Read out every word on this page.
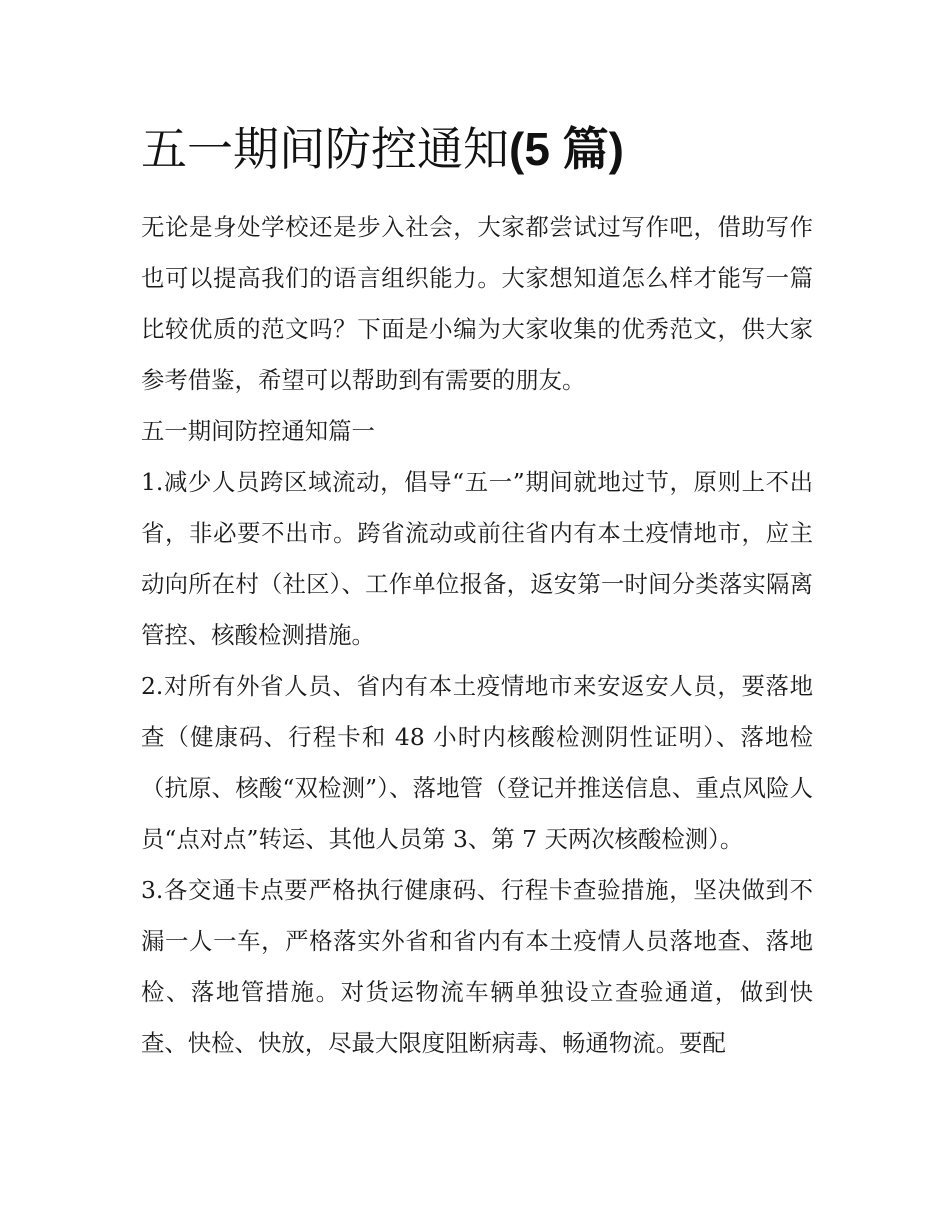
五一期间防控通知(5 篇)

无论是身处学校还是步入社会，大家都尝试过写作吧，借助写作也可以提高我们的语言组织能力。大家想知道怎么样才能写一篇比较优质的范文吗？下面是小编为大家收集的优秀范文，供大家参考借鉴，希望可以帮助到有需要的朋友。

五一期间防控通知篇一

1.减少人员跨区域流动，倡导“五一”期间就地过节，原则上不出省，非必要不出市。跨省流动或前往省内有本土疫情地市，应主动向所在村（社区）、工作单位报备，返安第一时间分类落实隔离管控、核酸检测措施。

2.对所有外省人员、省内有本土疫情地市来安返安人员，要落地查（健康码、行程卡和 48 小时内核酸检测阴性证明）、落地检（抗原、核酸“双检测”）、落地管（登记并推送信息、重点风险人员“点对点”转运、其他人员第 3、第 7 天两次核酸检测）。

3.各交通卡点要严格执行健康码、行程卡查验措施，坚决做到不漏一人一车，严格落实外省和省内有本土疫情人员落地查、落地检、落地管措施。对货运物流车辆单独设立查验通道，做到快查、快检、快放，尽最大限度阻断病毒、畅通物流。要配
